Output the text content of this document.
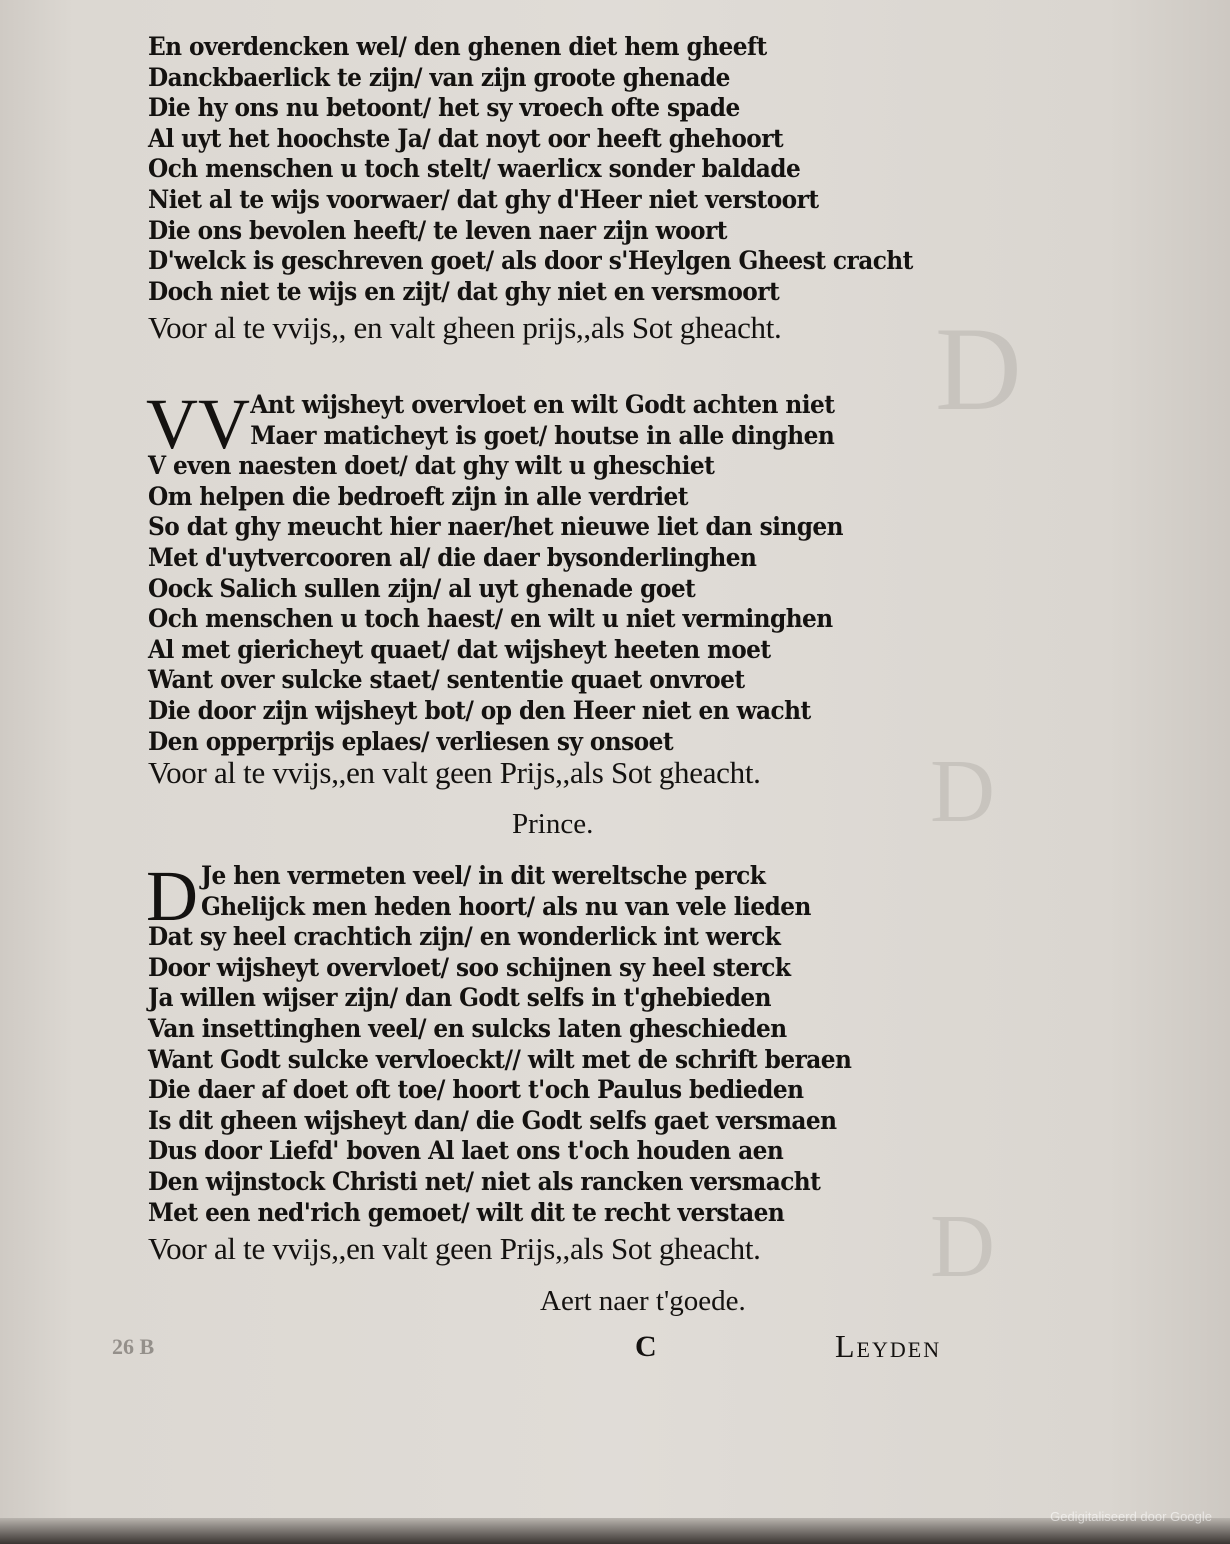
D
D
D
En overdencken wel/ den ghenen diet hem gheeft
Danckbaerlick te zijn/ van zijn groote ghenade
Die hy ons nu betoont/ het sy vroech ofte spade
Al uyt het hoochste Ja/ dat noyt oor heeft ghehoort
Och menschen u toch stelt/ waerlicx sonder baldade
Niet al te wijs voorwaer/ dat ghy d'Heer niet verstoort
Die ons bevolen heeft/ te leven naer zijn woort
D'welck is geschreven goet/ als door s'Heylgen Gheest cracht
Doch niet te wijs en zijt/ dat ghy niet en versmoort
Voor al te vvijs,, en valt gheen prijs,,als Sot gheacht.
VV Ant wijsheyt overvloet en wilt Godt achten niet
Maer maticheyt is goet/ houtse in alle dinghen
V even naesten doet/ dat ghy wilt u gheschiet
Om helpen die bedroeft zijn in alle verdriet
So dat ghy meucht hier naer/het nieuwe liet dan singen
Met d'uytvercooren al/ die daer bysonderlinghen
Oock Salich sullen zijn/ al uyt ghenade goet
Och menschen u toch haest/ en wilt u niet verminghen
Al met giericheyt quaet/ dat wijsheyt heeten moet
Want over sulcke staet/ sententie quaet onvroet
Die door zijn wijsheyt bot/ op den Heer niet en wacht
Den opperprijs eplaes/ verliesen sy onsoet
Voor al te vvijs,,en valt geen Prijs,,als Sot gheacht.
Prince.
D Je hen vermeten veel/ in dit wereltsche perck
Ghelijck men heden hoort/ als nu van vele lieden
Dat sy heel crachtich zijn/ en wonderlick int werck
Door wijsheyt overvloet/ soo schijnen sy heel sterck
Ja willen wijser zijn/ dan Godt selfs in t'ghebieden
Van insettinghen veel/ en sulcks laten gheschieden
Want Godt sulcke vervloeckt// wilt met de schrift beraen
Die daer af doet oft toe/ hoort t'och Paulus bedieden
Is dit gheen wijsheyt dan/ die Godt selfs gaet versmaen
Dus door Liefd' boven Al laet ons t'och houden aen
Den wijnstock Christi net/ niet als rancken versmacht
Met een ned'rich gemoet/ wilt dit te recht verstaen
Voor al te vvijs,,en valt geen Prijs,,als Sot gheacht.
Aert naer t'goede.
26 B	C	Leyden
Gedigitaliseerd door Google
